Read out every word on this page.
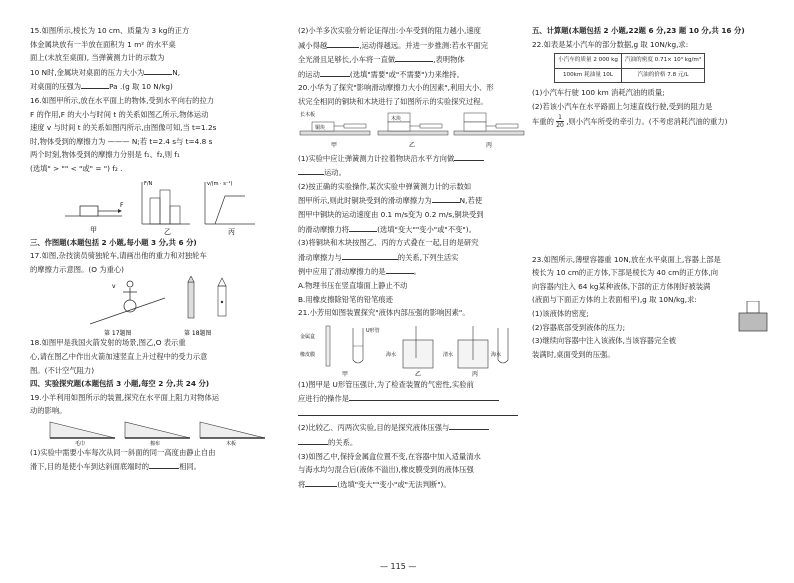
15.如图所示,棱长为 10 cm、质量为 3 kg的正方

体金属块放有一半放在面积为 1 m² 的水平桌

面上(未放至桌面), 当弹簧测力计的示数为

10 N时,金属块对桌面的压力大小为	N,

对桌面的压强为	Pa .(g 取 10 N/kg)

16.如图甲所示,放在水平面上的物体,受到水平向右的拉力

F 的作用,F 的大小与时间 t 的关系如图乙所示,物体运动

速度 v 与时间 t 的关系如图丙所示,由图像可知,当 t=1.2s

时,物体受到的摩擦力为 ——— N;若 t=2.4 s与 t=4.8 s

两个时刻,物体受到的摩擦力分别是 f₁、f₂,则 f₁

(选填" > "" < "或" = ") f₂ .

F
甲
F/N
乙
v/(m · s⁻¹)
丙

三、作图题(本题包括 2 小题,每小题 3 分,共 6 分)

17.如图,杂技演员骑独轮车,请画出他的重力和对独轮车

的摩擦力示意图。(O 为重心)

v
第 17题图	第 18题图

18.如图甲是我国火箭发射的场景,图乙,O 表示重

心,请在图乙中作出火箭加速竖直上升过程中的受力示意

图。(不计空气阻力)

四、实验探究题(本题包括 3 小题,每空 2 分,共 24 分)

19.小羊利用如图所示的装置,探究在水平面上阻力对物体运

动的影响。

毛巾	棉布	木板

(1)实验中需要小车每次从同一斜面的同一高度由静止自由

滑下,目的是使小车到达斜面底端时的	相同。

(2)小羊多次实验分析论证得出:小车受到的阻力越小,速度

减小得越	,运动得越远。并进一步推测:若水平面完

全光滑且足够长,小车将一直做	,表明物体

的运动	(选填"需要"或"不需要")力来维持。

20.小华为了探究"影响滑动摩擦力大小的因素",利用大小、形

状完全相同的铜块和木块进行了如图所示的实验探究过程。

长木板
铜块
甲
木块
乙	丙

(1)实验中应让弹簧测力计拉着物块沿水平方向做

运动。

(2)按正确的实验操作,某次实验中弹簧测力计的示数如

图甲所示,则此时铜块受到的滑动摩擦力为	N,若使

图甲中铜块的运动速度由 0.1 m/s变为 0.2 m/s,铜块受到

的滑动摩擦力将	(选填"变大""变小"或"不变")。

(3)将铜块和木块按图乙、丙的方式叠在一起,目的是研究

滑动摩擦力与	的关系,下列生活实

例中应用了滑动摩擦力的是	。

A.物理书压在竖直墙面上静止不动

B.用橡皮擦除铅笔的铅笔痕迹

21.小芳用如图装置探究"液体内部压强的影响因素"。

金属盒
橡皮膜
U形管
甲
海水
乙
清水	海水
丙

(1)图甲是 U形管压强计,为了检查装置的气密性,实验前

应进行的操作是

(2)比较乙、丙两次实验,目的是探究液体压强与

的关系。

(3)如图乙中,保持金属盒位置不变,在容器中加入适量清水

与海水均匀混合后(液体不溢出),橡皮膜受到的液体压强

将	(选填"变大""变小"或"无法判断")。

五、计算题(本题包括 2 小题,22题 6 分,23 题 10 分,共 16 分)

22.如表是某小汽车的部分数据,g 取 10N/kg,求:

小汽车的质量 2 000 kg	汽油的密度 0.71× 10³ kg/m³
100km 耗油量 10L	汽油的价格 7.8 元/L

(1)小汽车行驶 100 km 消耗汽油的质量;

(2)若该小汽车在水平路面上匀速直线行驶,受到的阻力是

车重的 $\frac{1}{20}$ ,则小汽车所受的牵引力。(不考虑消耗汽油的重力)

23.如图所示,薄壁容器重 10N,放在水平桌面上,容器上部是

棱长为 10 cm的正方体,下部是棱长为 40 cm的正方体,向

向容器内注入 64 kg某种液体,下部的正方体刚好被装满

(液面与下面正方体的上表面相平),g 取 10N/kg,求:

(1)该液体的密度;

(2)容器底部受到液体的压力;

(3)继续向容器中注入该液体,当该容器完全被

装满时,桌面受到的压强。

— 115 —
